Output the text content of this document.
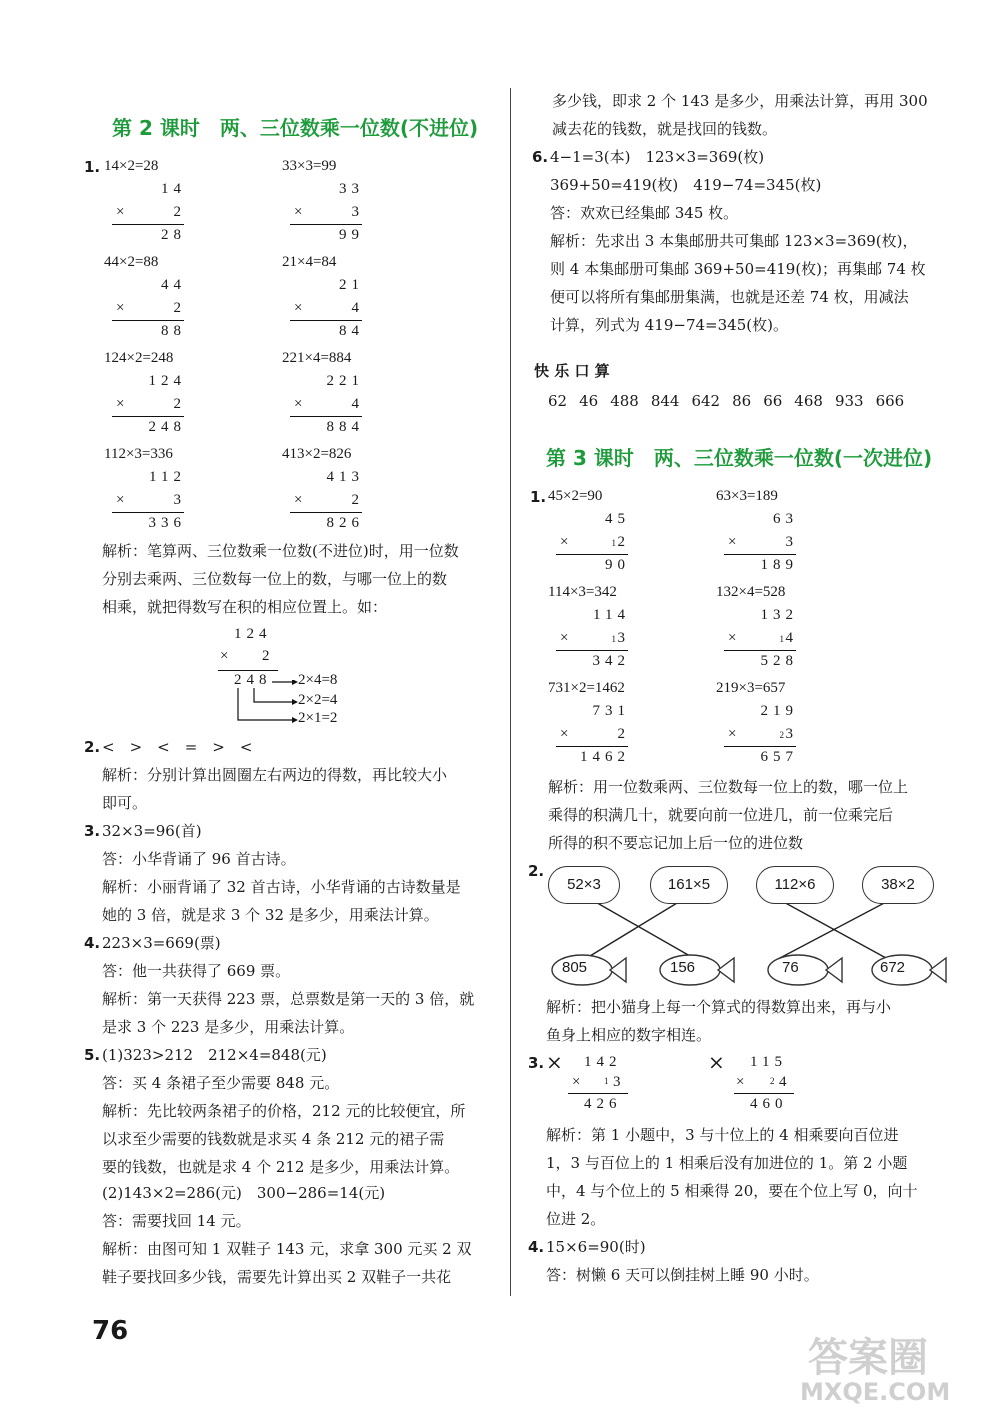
第 2 课时　两、三位数乘一位数(不进位)
1. 14×2=28
14
×	2
28
33×3=99
33
×	3
99
44×2=88
44
×	2
88
21×4=84
21
×	4
84
124×2=248
124
×	2
248
221×4=884
221
×	4
884
112×3=336
112
×	3
336
413×2=826
413
×	2
826
解析：笔算两、三位数乘一位数(不进位)时，用一位数
分别去乘两、三位数每一位上的数，与哪一位上的数
相乘，就把得数写在积的相应位置上。如：
124
× 2
248 2×4=8
2×2=4
2×1=2
2. <　>　<　=　>　<
解析：分别计算出圆圈左右两边的得数，再比较大小
即可。
3. 32×3=96(首)
答：小华背诵了 96 首古诗。
解析：小丽背诵了 32 首古诗，小华背诵的古诗数量是
她的 3 倍，就是求 3 个 32 是多少，用乘法计算。
4. 223×3=669(票)
答：他一共获得了 669 票。
解析：第一天获得 223 票，总票数是第一天的 3 倍，就
是求 3 个 223 是多少，用乘法计算。
5. (1)323>212　212×4=848(元)
答：买 4 条裙子至少需要 848 元。
解析：先比较两条裙子的价格，212 元的比较便宜，所
以求至少需要的钱数就是求买 4 条 212 元的裙子需
要的钱数，也就是求 4 个 212 是多少，用乘法计算。
(2)143×2=286(元)　300−286=14(元)
答：需要找回 14 元。
解析：由图可知 1 双鞋子 143 元，求拿 300 元买 2 双
鞋子要找回多少钱，需要先计算出买 2 双鞋子一共花
多少钱，即求 2 个 143 是多少，用乘法计算，再用 300
减去花的钱数，就是找回的钱数。
6. 4−1=3(本)　123×3=369(枚)
369+50=419(枚)　419−74=345(枚)
答：欢欢已经集邮 345 枚。
解析：先求出 3 本集邮册共可集邮 123×3=369(枚)，
则 4 本集邮册可集邮 369+50=419(枚)；再集邮 74 枚
便可以将所有集邮册集满，也就是还差 74 枚，用减法
计算，列式为 419−74=345(枚)。
快 乐 口 算
62 46 488 844 642 86 66 468 933 666
第 3 课时　两、三位数乘一位数(一次进位)
1. 45×2=90
45
×	1 2
90
63×3=189
63
×	3
189
114×3=342
114
×	1 3
342
132×4=528
132
×	1 4
528
731×2=1462
731
×	2
1462
219×3=657
219
×	2 3
657
解析：用一位数乘两、三位数每一位上的数，哪一位上
乘得的积满几十，就要向前一位进几，前一位乘完后
所得的积不要忘记加上后一位的进位数
2.
52×3	161×5	112×6	38×2
805	156	76	672
解析：把小猫身上每一个算式的得数算出来，再与小
鱼身上相应的数字相连。
3. × 142
×	1 3
426
× 115
×	2 4
460
解析：第 1 小题中，3 与十位上的 4 相乘要向百位进
1，3 与百位上的 1 相乘后没有加进位的 1。第 2 小题
中，4 与个位上的 5 相乘得 20，要在个位上写 0，向十
位进 2。
4. 15×6=90(时)
答：树懒 6 天可以倒挂树上睡 90 小时。
76
答案圈
MXQE.COM
